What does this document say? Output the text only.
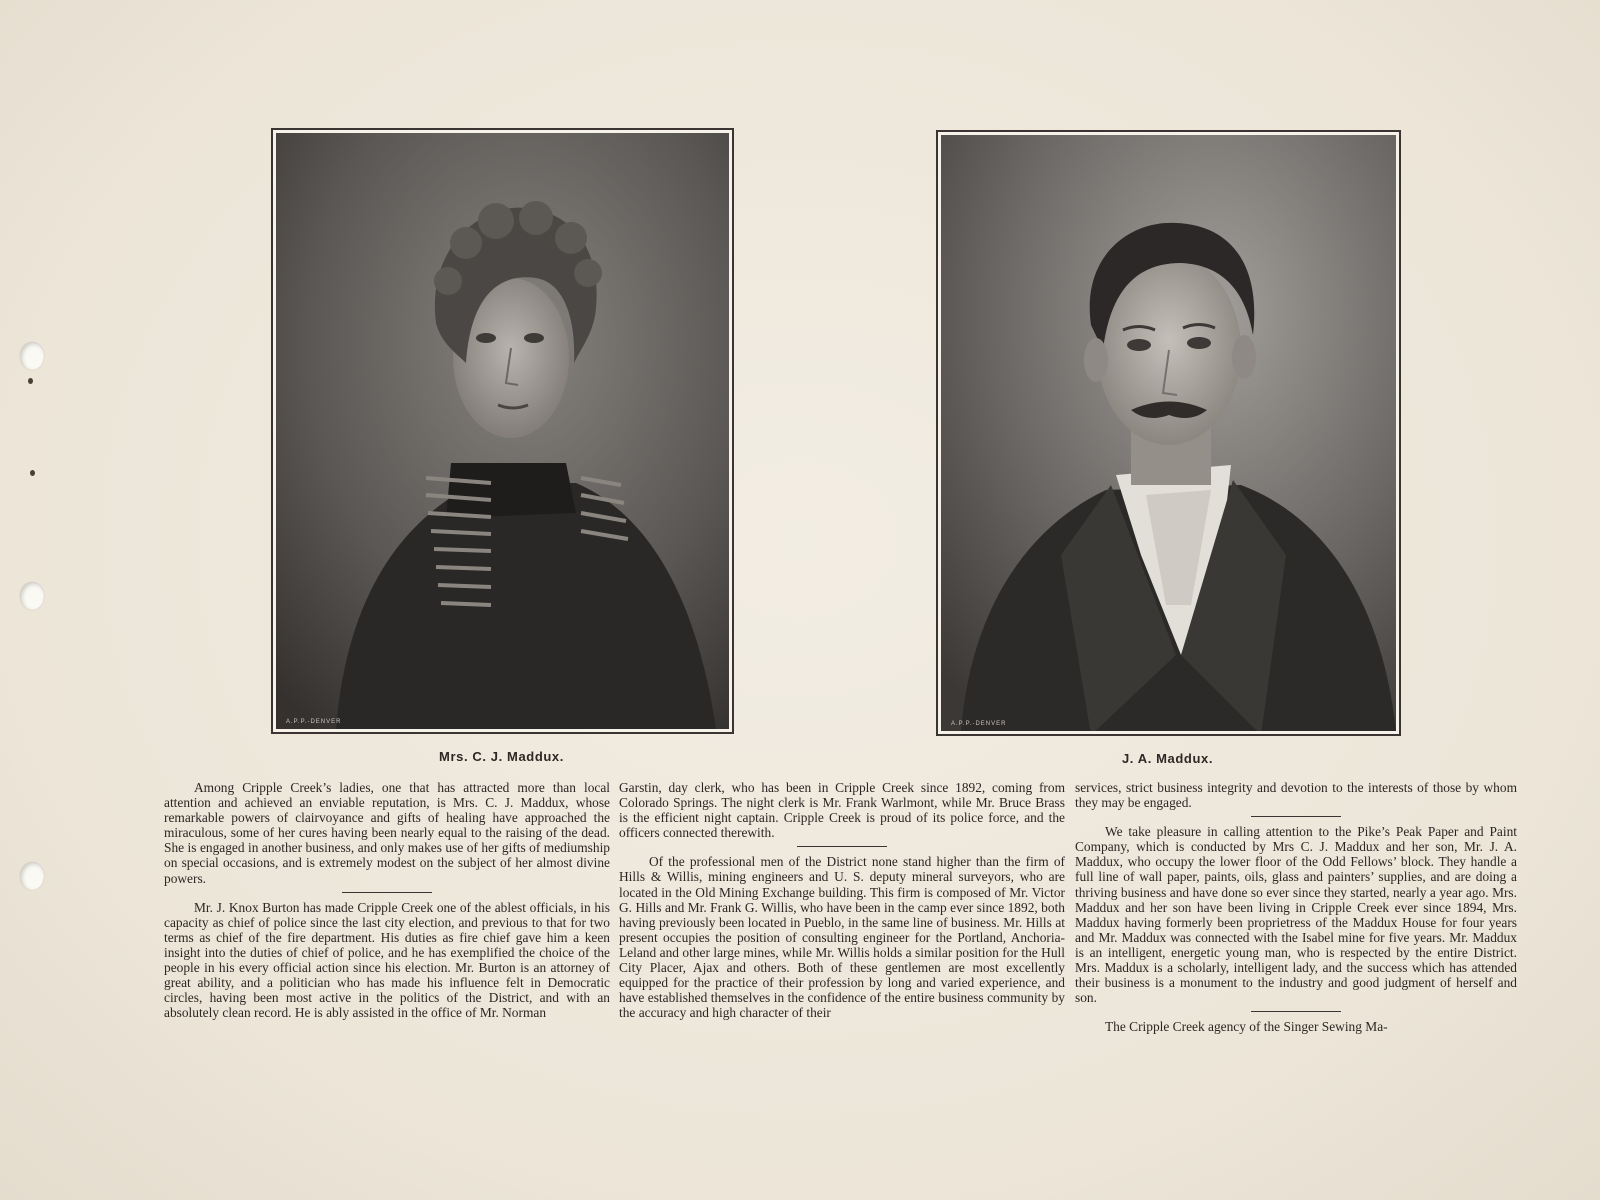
A.P.P.-DENVER
Mrs. C. J. Maddux.
A.P.P.-DENVER
J. A. Maddux.

Among Cripple Creek’s ladies, one that has attracted more than local attention and achieved an enviable reputation, is Mrs. C. J. Maddux, whose remarkable powers of clairvoyance and gifts of healing have approached the miraculous, some of her cures having been nearly equal to the raising of the dead. She is engaged in another business, and only makes use of her gifts of mediumship on special occasions, and is extremely modest on the subject of her almost divine powers.

Mr. J. Knox Burton has made Cripple Creek one of the ablest officials, in his capacity as chief of police since the last city election, and previous to that for two terms as chief of the fire department. His duties as fire chief gave him a keen insight into the duties of chief of police, and he has exemplified the choice of the people in his every official action since his election. Mr. Burton is an attorney of great ability, and a politician who has made his influence felt in Democratic circles, having been most active in the politics of the District, and with an absolutely clean record. He is ably assisted in the office of Mr. Norman

Garstin, day clerk, who has been in Cripple Creek since 1892, coming from Colorado Springs. The night clerk is Mr. Frank Warlmont, while Mr. Bruce Brass is the efficient night captain. Cripple Creek is proud of its police force, and the officers connected therewith.

Of the professional men of the District none stand higher than the firm of Hills & Willis, mining engineers and U. S. deputy mineral surveyors, who are located in the Old Mining Exchange building. This firm is composed of Mr. Victor G. Hills and Mr. Frank G. Willis, who have been in the camp ever since 1892, both having previously been located in Pueblo, in the same line of business. Mr. Hills at present occupies the position of consulting engineer for the Portland, Anchoria-Leland and other large mines, while Mr. Willis holds a similar position for the Hull City Placer, Ajax and others. Both of these gentlemen are most excellently equipped for the practice of their profession by long and varied experience, and have established themselves in the confidence of the entire business community by the accuracy and high character of their

services, strict business integrity and devotion to the interests of those by whom they may be engaged.

We take pleasure in calling attention to the Pike’s Peak Paper and Paint Company, which is conducted by Mrs C. J. Maddux and her son, Mr. J. A. Maddux, who occupy the lower floor of the Odd Fellows’ block. They handle a full line of wall paper, paints, oils, glass and painters’ supplies, and are doing a thriving business and have done so ever since they started, nearly a year ago. Mrs. Maddux and her son have been living in Cripple Creek ever since 1894, Mrs. Maddux having formerly been proprietress of the Maddux House for four years and Mr. Maddux was connected with the Isabel mine for five years. Mr. Maddux is an intelligent, energetic young man, who is respected by the entire District. Mrs. Maddux is a scholarly, intelligent lady, and the success which has attended their business is a monument to the industry and good judgment of herself and son.

The Cripple Creek agency of the Singer Sewing Ma-
